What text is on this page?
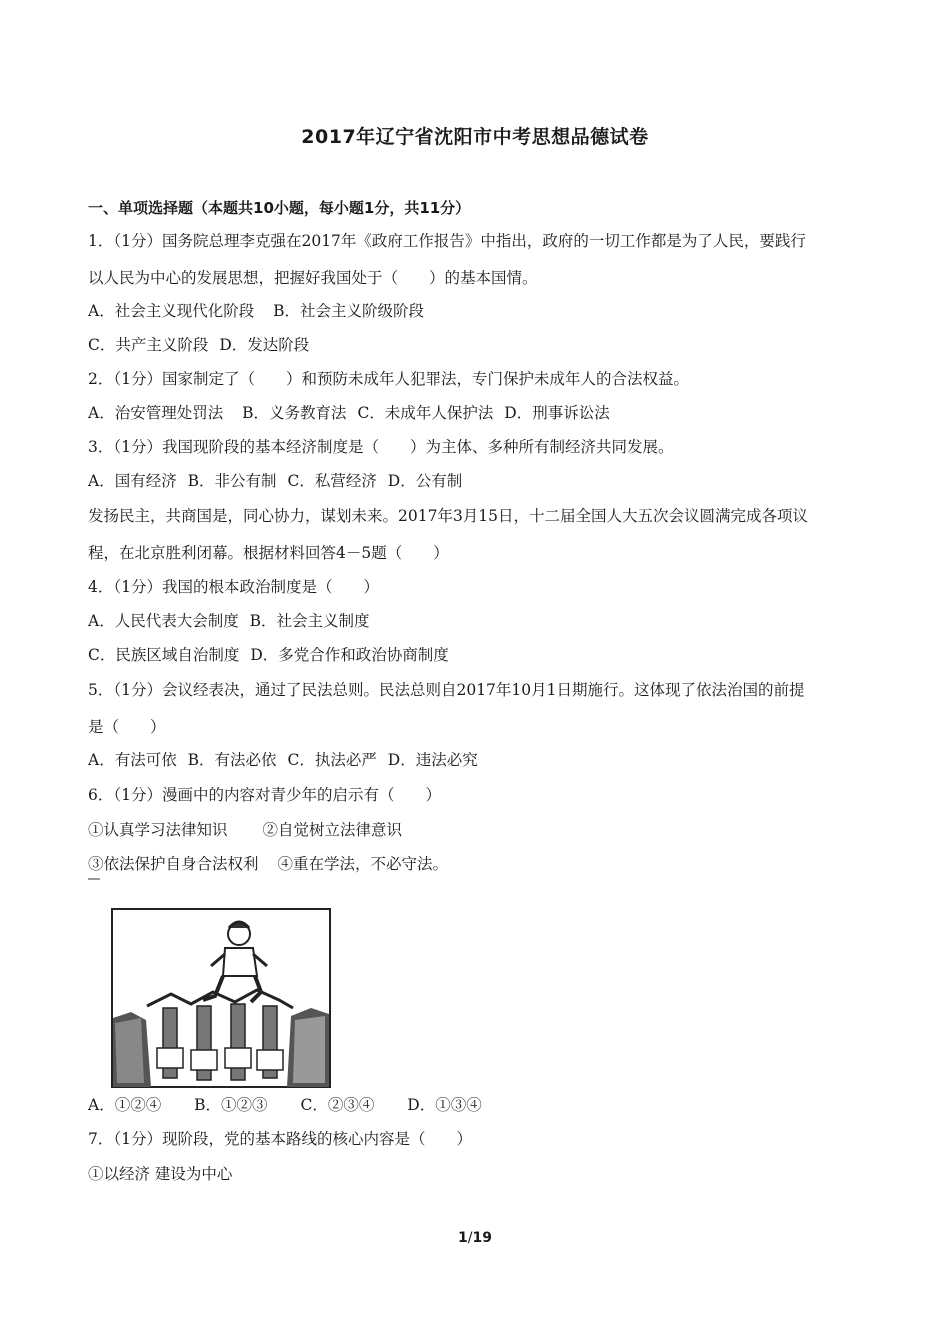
2017年辽宁省沈阳市中考思想品德试卷
一、单项选择题（本题共10小题，每小题1分，共11分）
1．（1分）国务院总理李克强在2017年《政府工作报告》中指出，政府的一切工作都是为了人民，要践行
以人民为中心的发展思想，把握好我国处于（　　）的基本国情。
A．社会主义现代化阶段 B．社会主义阶级阶段
C．共产主义阶段 D．发达阶段
2．（1分）国家制定了（　　）和预防未成年人犯罪法，专门保护未成年人的合法权益。
A．治安管理处罚法 B．义务教育法 C．未成年人保护法 D．刑事诉讼法
3．（1分）我国现阶段的基本经济制度是（　　）为主体、多种所有制经济共同发展。
A．国有经济 B．非公有制 C．私营经济 D．公有制
发扬民主，共商国是，同心协力，谋划未来。2017年3月15日，十二届全国人大五次会议圆满完成各项议
程，在北京胜利闭幕。根据材料回答4－5题（　　）
4．（1分）我国的根本政治制度是（　　）
A．人民代表大会制度 B．社会主义制度
C．民族区域自治制度 D．多党合作和政治协商制度
5．（1分）会议经表决，通过了民法总则。民法总则自2017年10月1日期施行。这体现了依法治国的前提
是（　　）
A．有法可依 B．有法必依 C．执法必严 D．违法必究
6．（1分）漫画中的内容对青少年的启示有（　　）
①认真学习法律知识 ②自觉树立法律意识
③依法保护自身合法权利 ④重在学法，不必守法。
A．①②④ B．①②③ C．②③④ D．①③④
7．（1分）现阶段，党的基本路线的核心内容是（　　）
①以经济 建设为中心
1/19
